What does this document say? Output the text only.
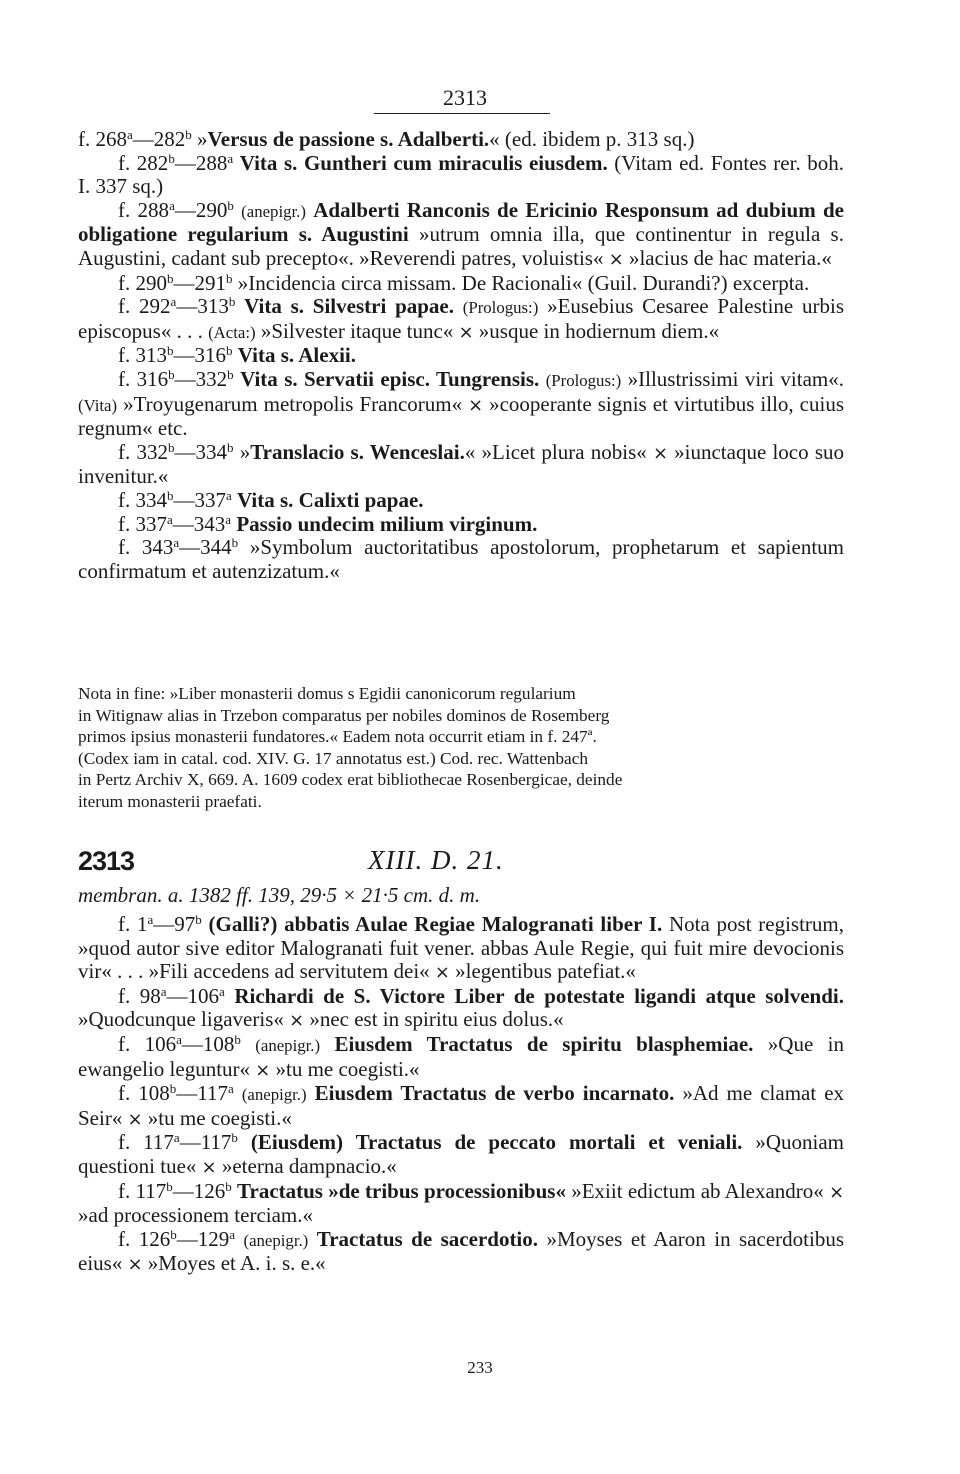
2313

f. 268$^a$—282$^b$ »Versus de passione s. Adalberti.« (ed. ibidem p. 313 sq.)

f. 282$^b$—288$^a$ Vita s. Guntheri cum miraculis eiusdem. (Vitam ed. Fontes rer. boh. I. 337 sq.)

f. 288$^a$—290$^b$ (anepigr.) Adalberti Ranconis de Ericinio Responsum ad dubium de obligatione regularium s. Augustini »utrum omnia illa, que continentur in regula s. Augustini, cadant sub precepto«. »Reverendi patres, voluistis« × »lacius de hac materia.«

f. 290$^b$—291$^b$ »Incidencia circa missam. De Racionali« (Guil. Durandi?) excerpta.

f. 292$^a$—313$^b$ Vita s. Silvestri papae. (Prologus:) »Eusebius Cesaree Palestine urbis episcopus« . . . (Acta:) »Silvester itaque tunc« × »usque in hodiernum diem.«

f. 313$^b$—316$^b$ Vita s. Alexii.

f. 316$^b$—332$^b$ Vita s. Servatii episc. Tungrensis. (Prologus:) »Illustrissimi viri vitam«. (Vita) »Troyugenarum metropolis Francorum« × »cooperante signis et virtutibus illo, cuius regnum« etc.

f. 332$^b$—334$^b$ »Translacio s. Wenceslai.« »Licet plura nobis« × »iunctaque loco suo invenitur.«

f. 334$^b$—337$^a$ Vita s. Calixti papae.

f. 337$^a$—343$^a$ Passio undecim milium virginum.

f. 343$^a$—344$^b$ »Symbolum auctoritatibus apostolorum, prophetarum et sapientum confirmatum et autenzizatum.«

Nota in fine: »Liber monasterii domus s Egidii canonicorum regularium

in Witignaw alias in Trzebon comparatus per nobiles dominos de Rosemberg

primos ipsius monasterii fundatores.« Eadem nota occurrit etiam in f. 247ª.

(Codex iam in catal. cod. XIV. G. 17 annotatus est.) Cod. rec. Wattenbach

in Pertz Archiv X, 669. A. 1609 codex erat bibliothecae Rosenbergicae, deinde

iterum monasterii praefati.

2313	XIII. D. 21.
membran. a. 1382 ff. 139, 29·5 × 21·5 cm. d. m.

f. 1$^a$—97$^b$ (Galli?) abbatis Aulae Regiae Malogranati liber I. Nota post registrum, »quod autor sive editor Malogranati fuit vener. abbas Aule Regie, qui fuit mire devocionis vir« . . . »Fili accedens ad servitutem dei« × »legentibus patefiat.«

f. 98$^a$—106$^a$ Richardi de S. Victore Liber de potestate ligandi atque solvendi. »Quodcunque ligaveris« × »nec est in spiritu eius dolus.«

f. 106$^a$—108$^b$ (anepigr.) Eiusdem Tractatus de spiritu blasphemiae. »Que in ewangelio leguntur« × »tu me coegisti.«

f. 108$^b$—117$^a$ (anepigr.) Eiusdem Tractatus de verbo incarnato. »Ad me clamat ex Seir« × »tu me coegisti.«

f. 117$^a$—117$^b$ (Eiusdem) Tractatus de peccato mortali et veniali. »Quoniam questioni tue« × »eterna dampnacio.«

f. 117$^b$—126$^b$ Tractatus »de tribus processionibus« »Exiit edictum ab Alexandro« × »ad processionem terciam.«

f. 126$^b$—129$^a$ (anepigr.) Tractatus de sacerdotio. »Moyses et Aaron in sacerdotibus eius« × »Moyes et A. i. s. e.«

233
